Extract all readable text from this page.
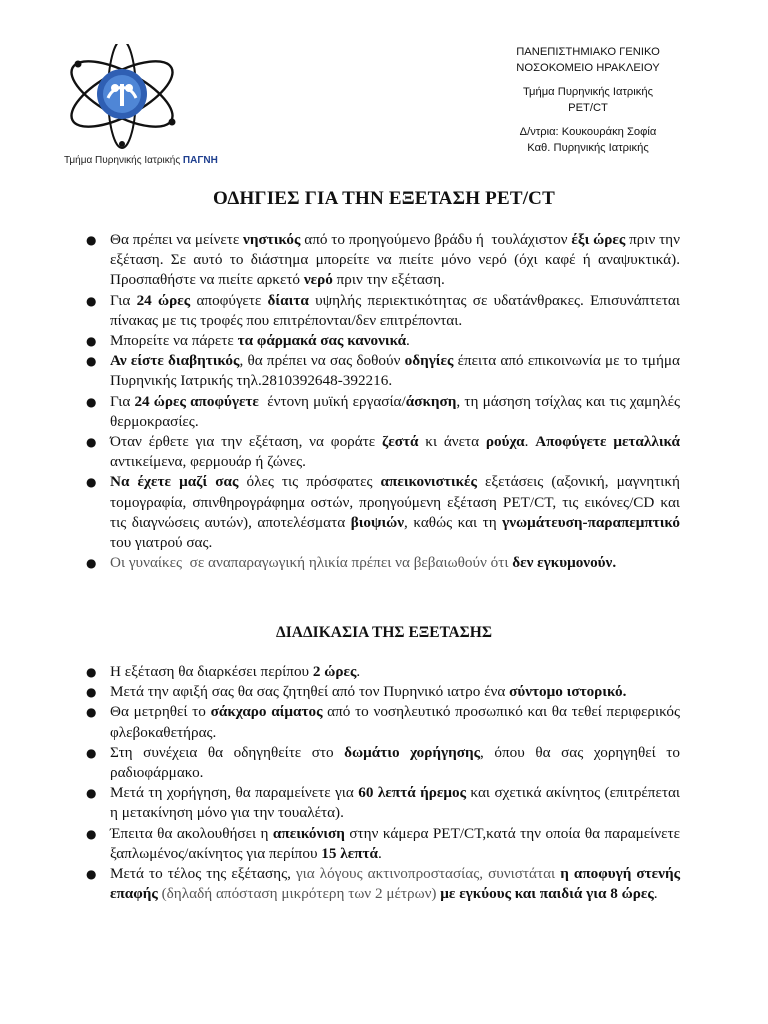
Τμήμα Πυρηνικής Ιατρικής ΠΑΓΝΗ
ΠΑΝΕΠΙΣΤΗΜΙΑΚΟ ΓΕΝΙΚΟ
ΝΟΣΟΚΟΜΕΙΟ ΗΡΑΚΛΕΙΟΥ
Τμήμα Πυρηνικής Ιατρικής
PET/CT
Δ/ντρια: Κουκουράκη Σοφία
Καθ. Πυρηνικής Ιατρικής
ΟΔΗΓΙΕΣ ΓΙΑ ΤΗΝ ΕΞΕΤΑΣΗ PET/CT
● Θα πρέπει να μείνετε νηστικός από το προηγούμενο βράδυ ή  τουλάχιστον έξι ώρες πριν την εξέταση. Σε αυτό το διάστημα μπορείτε να πιείτε μόνο νερό (όχι καφέ ή αναψυκτικά). Προσπαθήστε να πιείτε αρκετό νερό πριν την εξέταση.
● Για 24 ώρες αποφύγετε δίαιτα υψηλής περιεκτικότητας σε υδατάνθρακες. Επισυνάπτεται πίνακας με τις τροφές που επιτρέπονται/δεν επιτρέπονται.
● Μπορείτε να πάρετε τα φάρμακά σας κανονικά.
● Αν είστε διαβητικός, θα πρέπει να σας δοθούν οδηγίες έπειτα από επικοινωνία με το τμήμα Πυρηνικής Ιατρικής τηλ.2810392648-392216.
● Για 24 ώρες αποφύγετε  έντονη μυϊκή εργασία/άσκηση, τη μάσηση τσίχλας και τις χαμηλές θερμοκρασίες.
● Όταν έρθετε για την εξέταση, να φοράτε ζεστά κι άνετα ρούχα. Αποφύγετε μεταλλικά αντικείμενα, φερμουάρ ή ζώνες.
● Να έχετε μαζί σας όλες τις πρόσφατες απεικονιστικές εξετάσεις (αξονική, μαγνητική τομογραφία, σπινθηρογράφημα οστών, προηγούμενη εξέταση PET/CT, τις εικόνες/CD και τις διαγνώσεις αυτών), αποτελέσματα βιοψιών, καθώς και τη γνωμάτευση-παραπεμπτικό του γιατρού σας.
● Οι γυναίκες  σε αναπαραγωγική ηλικία πρέπει να βεβαιωθούν ότι δεν εγκυμονούν.
ΔΙΑΔΙΚΑΣΙΑ ΤΗΣ ΕΞΕΤΑΣΗΣ
● Η εξέταση θα διαρκέσει περίπου 2 ώρες.
● Μετά την αφιξή σας θα σας ζητηθεί από τον Πυρηνικό ιατρο ένα σύντομο ιστορικό.
● Θα μετρηθεί το σάκχαρο αίματος από το νοσηλευτικό προσωπικό και θα τεθεί περιφερικός φλεβοκαθετήρας.
● Στη συνέχεια θα οδηγηθείτε στο δωμάτιο χορήγησης, όπου θα σας χορηγηθεί το ραδιοφάρμακο.
● Μετά τη χορήγηση, θα παραμείνετε για 60 λεπτά ήρεμος και σχετικά ακίνητος (επιτρέπεται η μετακίνηση μόνο για την τουαλέτα).
● Έπειτα θα ακολουθήσει η απεικόνιση στην κάμερα PET/CT,κατά την οποία θα παραμείνετε ξαπλωμένος/ακίνητος για περίπου 15 λεπτά.
● Μετά το τέλος της εξέτασης, για λόγους ακτινοπροστασίας, συνιστάται η αποφυγή στενής επαφής (δηλαδή απόσταση μικρότερη των 2 μέτρων) με εγκύους και παιδιά για 8 ώρες.
